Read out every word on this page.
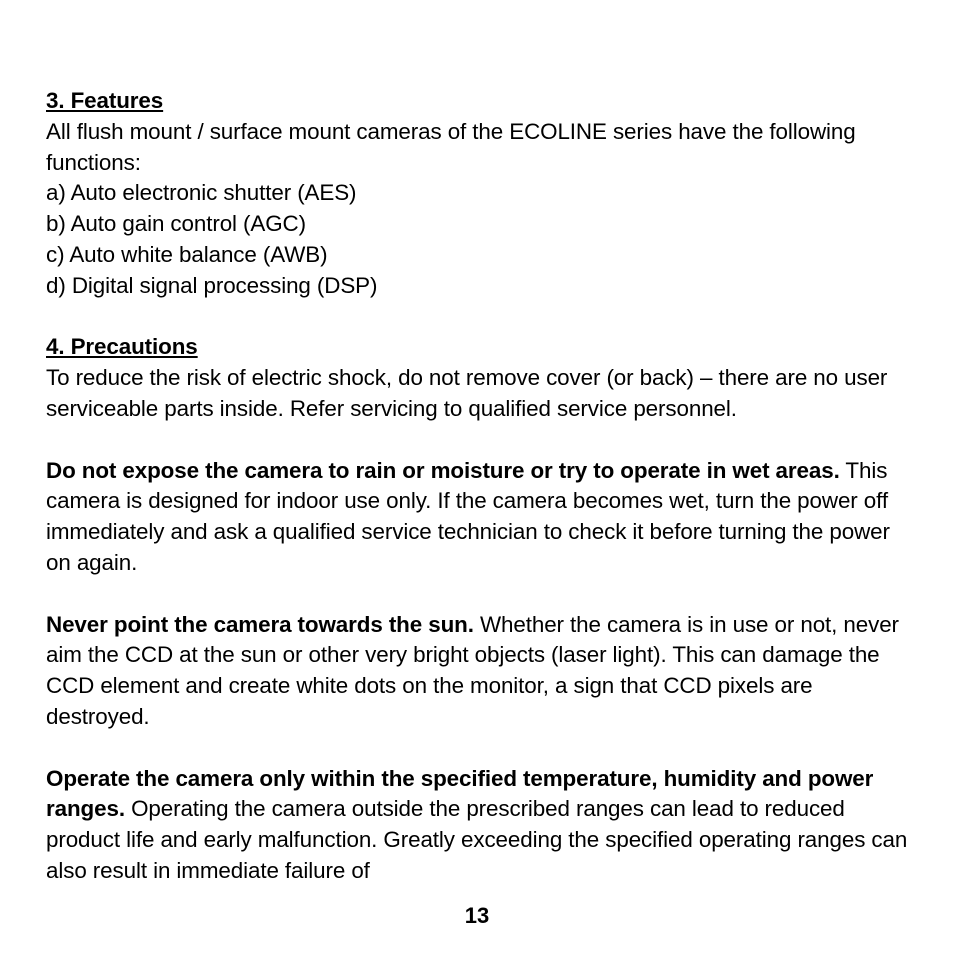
3. Features

All flush mount / surface mount cameras of the ECOLINE series have the following functions:

a) Auto electronic shutter (AES)

b) Auto gain control (AGC)

c) Auto white balance (AWB)

d) Digital signal processing (DSP)

4. Precautions

To reduce the risk of electric shock, do not remove cover (or back) – there are no user serviceable parts inside. Refer servicing to qualified service personnel.

Do not expose the camera to rain or moisture or try to operate in wet areas. This camera is designed for indoor use only. If the camera becomes wet, turn the power off immediately and ask a qualified service technician to check it before turning the power on again.

Never point the camera towards the sun. Whether the camera is in use or not, never aim the CCD at the sun or other very bright objects (laser light). This can damage the CCD element and create white dots on the monitor, a sign that CCD pixels are destroyed.

Operate the camera only within the specified temperature, humidity and power ranges. Operating the camera outside the prescribed ranges can lead to reduced product life and early malfunction. Greatly exceeding the specified operating ranges can also result in immediate failure of

13
